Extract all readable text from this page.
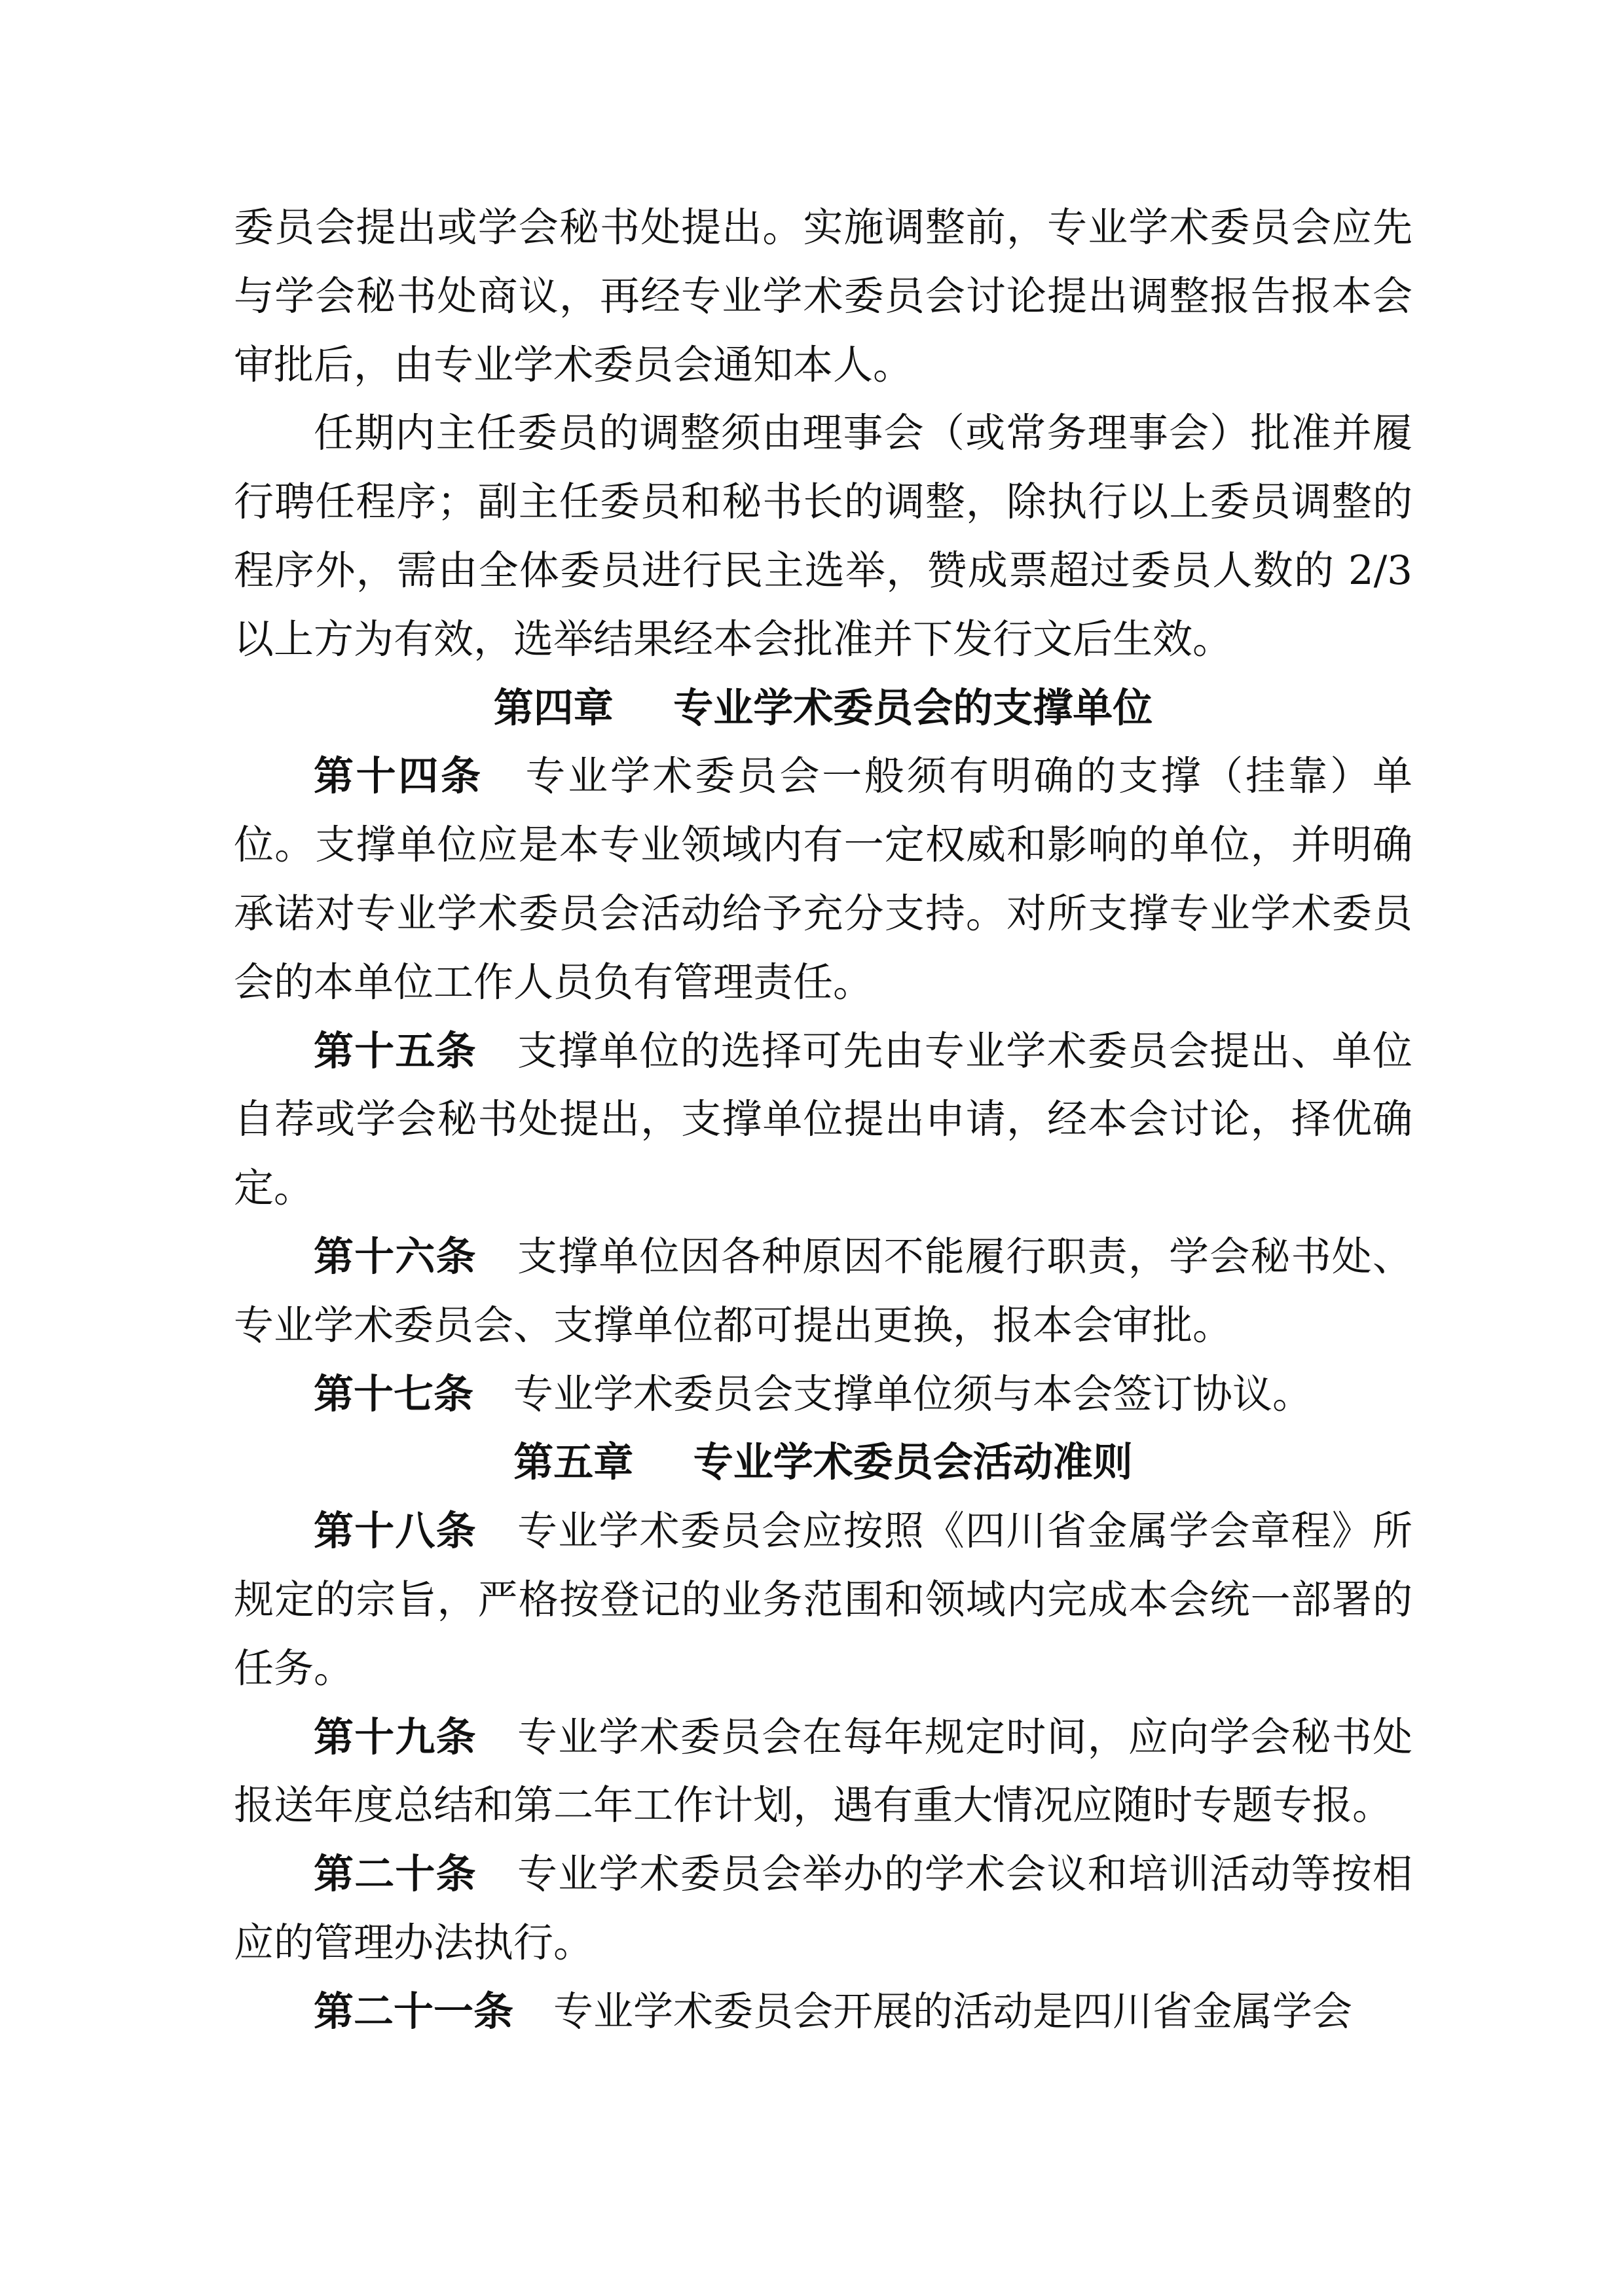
委员会提出或学会秘书处提出。实施调整前，专业学术委员会应先与学会秘书处商议，再经专业学术委员会讨论提出调整报告报本会审批后，由专业学术委员会通知本人。

任期内主任委员的调整须由理事会（或常务理事会）批准并履行聘任程序；副主任委员和秘书长的调整，除执行以上委员调整的程序外，需由全体委员进行民主选举，赞成票超过委员人数的 2/3 以上方为有效，选举结果经本会批准并下发行文后生效。

第四章 专业学术委员会的支撑单位

第十四条 专业学术委员会一般须有明确的支撑（挂靠）单位。支撑单位应是本专业领域内有一定权威和影响的单位，并明确承诺对专业学术委员会活动给予充分支持。对所支撑专业学术委员会的本单位工作人员负有管理责任。

第十五条 支撑单位的选择可先由专业学术委员会提出、单位自荐或学会秘书处提出，支撑单位提出申请，经本会讨论，择优确定。

第十六条 支撑单位因各种原因不能履行职责，学会秘书处、专业学术委员会、支撑单位都可提出更换，报本会审批。

第十七条 专业学术委员会支撑单位须与本会签订协议。

第五章 专业学术委员会活动准则

第十八条 专业学术委员会应按照《四川省金属学会章程》所规定的宗旨，严格按登记的业务范围和领域内完成本会统一部署的任务。

第十九条 专业学术委员会在每年规定时间，应向学会秘书处报送年度总结和第二年工作计划，遇有重大情况应随时专题专报。

第二十条 专业学术委员会举办的学术会议和培训活动等按相应的管理办法执行。

第二十一条 专业学术委员会开展的活动是四川省金属学会
